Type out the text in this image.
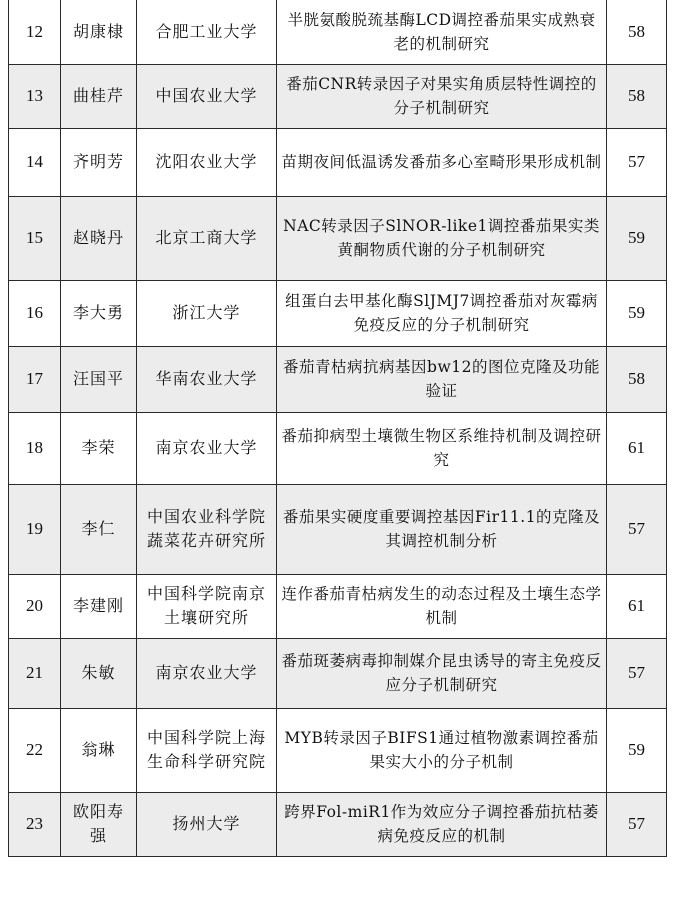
12	胡康棣	合肥工业大学	半胱氨酸脱巯基酶LCD调控番茄果实成熟衰老的机制研究	58
13	曲桂芹	中国农业大学	番茄CNR转录因子对果实角质层特性调控的分子机制研究	58
14	齐明芳	沈阳农业大学	苗期夜间低温诱发番茄多心室畸形果形成机制	57
15	赵晓丹	北京工商大学	NAC转录因子SlNOR-like1调控番茄果实类黄酮物质代谢的分子机制研究	59
16	李大勇	浙江大学	组蛋白去甲基化酶SlJMJ7调控番茄对灰霉病免疫反应的分子机制研究	59
17	汪国平	华南农业大学	番茄青枯病抗病基因bw12的图位克隆及功能验证	58
18	李荣	南京农业大学	番茄抑病型土壤微生物区系维持机制及调控研究	61
19	李仁	中国农业科学院蔬菜花卉研究所	番茄果实硬度重要调控基因Fir11.1的克隆及其调控机制分析	57
20	李建刚	中国科学院南京土壤研究所	连作番茄青枯病发生的动态过程及土壤生态学机制	61
21	朱敏	南京农业大学	番茄斑萎病毒抑制媒介昆虫诱导的寄主免疫反应分子机制研究	57
22	翁琳	中国科学院上海生命科学研究院	MYB转录因子BIFS1通过植物激素调控番茄果实大小的分子机制	59
23	欧阳寿强	扬州大学	跨界Fol-miR1作为效应分子调控番茄抗枯萎病免疫反应的机制	57
